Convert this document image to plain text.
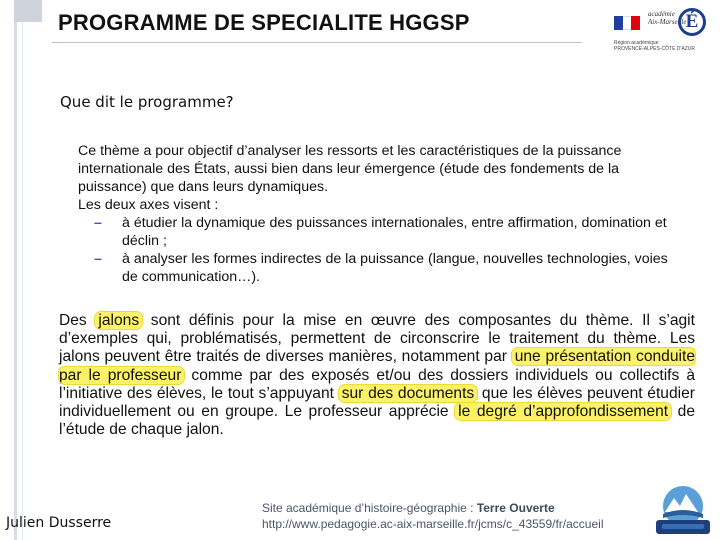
PROGRAMME DE SPECIALITE HGGSP	académie
Aix-Marseille É
Région académique
PROVENCE-ALPES-CÔTE D'AZUR
Que dit le programme?

Ce thème a pour objectif d’analyser les ressorts et les caractéristiques de la puissance internationale des États, aussi bien dans leur émergence (étude des fondements de la puissance) que dans leurs dynamiques.

Les deux axes visent :

–	à étudier la dynamique des puissances internationales, entre affirmation, domination et déclin ;
–	à analyser les formes indirectes de la puissance (langue, nouvelles technologies, voies de communication…).
Des jalons sont définis pour la mise en œuvre des composantes du thème. Il s’agit d’exemples qui, problématisés, permettent de circonscrire le traitement du thème. Les jalons peuvent être traités de diverses manières, notamment par une présentation conduite par le professeur comme par des exposés et/ou des dossiers individuels ou collectifs à l’initiative des élèves, le tout s’appuyant sur des documents que les élèves peuvent étudier individuellement ou en groupe. Le professeur apprécie le degré d’approfondissement de l’étude de chaque jalon.
Julien Dusserre
Site académique d’histoire-géographie : Terre Ouverte
http://www.pedagogie.ac-aix-marseille.fr/jcms/c_43559/fr/accueil
